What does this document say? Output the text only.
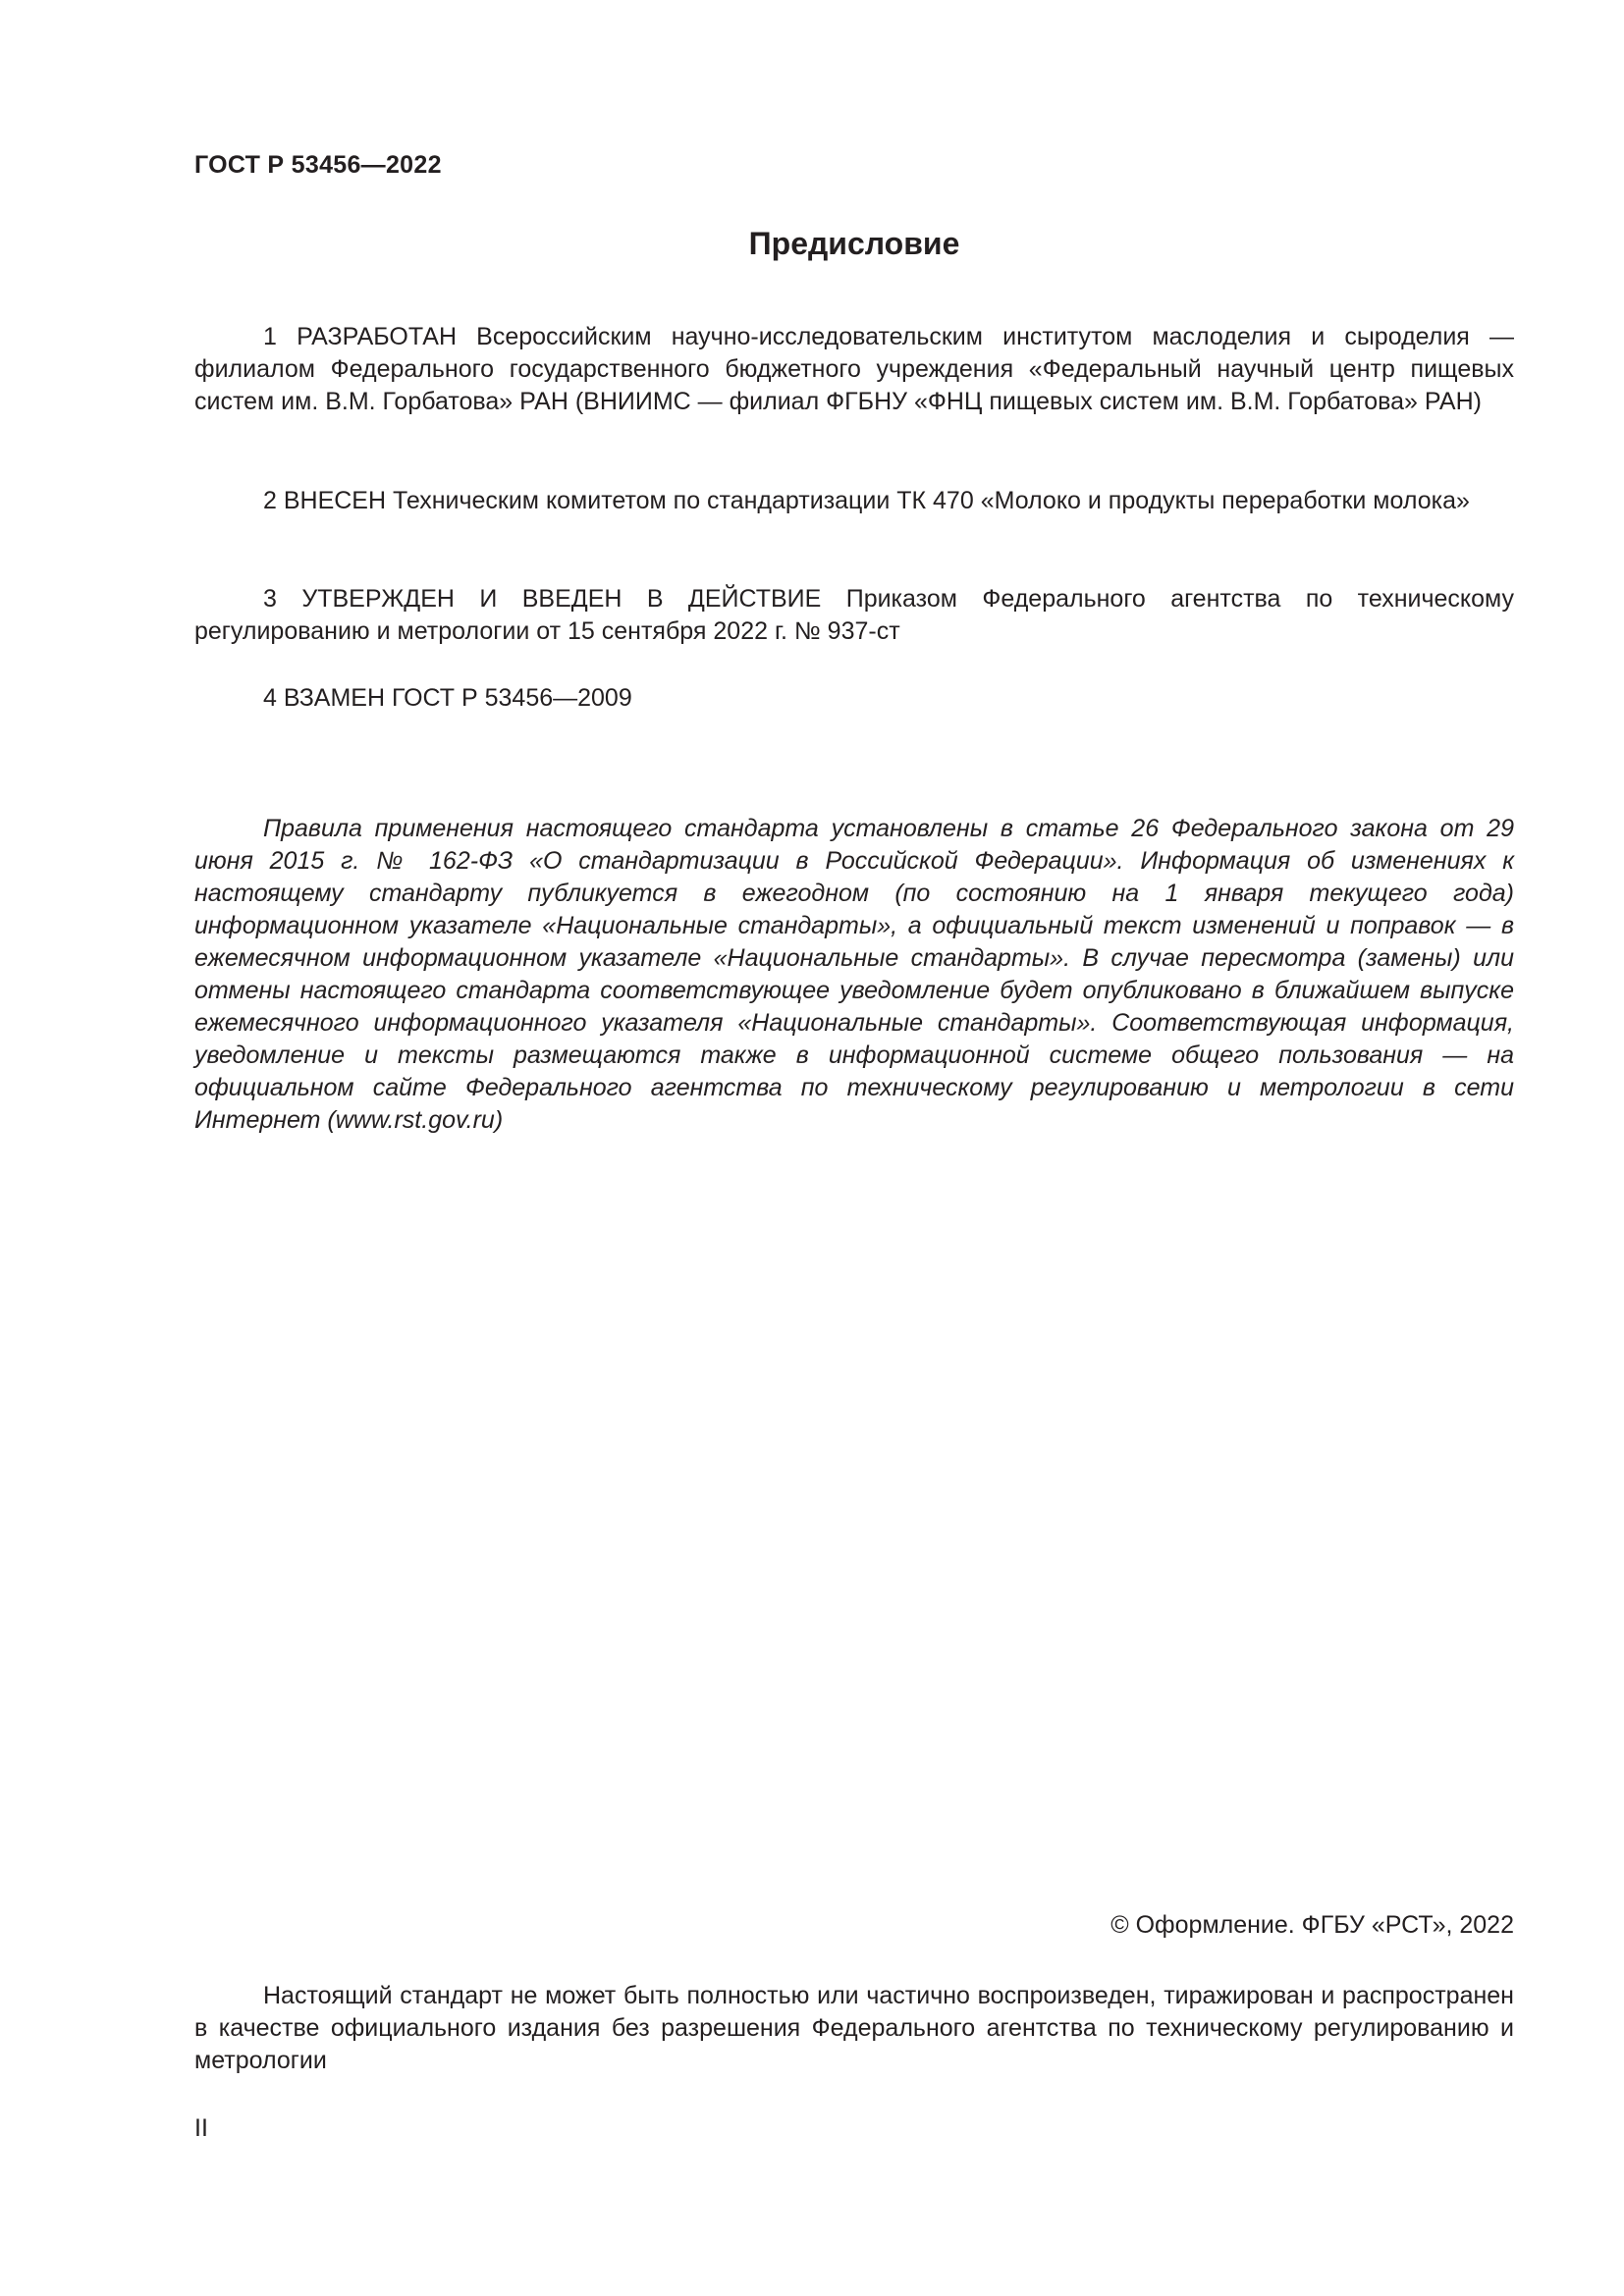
ГОСТ Р 53456—2022
Предисловие

1 РАЗРАБОТАН Всероссийским научно-исследовательским институтом маслоделия и сыроделия — филиалом Федерального государственного бюджетного учреждения «Федеральный научный центр пищевых систем им. В.М. Горбатова» РАН (ВНИИМС — филиал ФГБНУ «ФНЦ пищевых систем им. В.М. Горбатова» РАН)

2 ВНЕСЕН Техническим комитетом по стандартизации ТК 470 «Молоко и продукты переработки молока»

3 УТВЕРЖДЕН И ВВЕДЕН В ДЕЙСТВИЕ Приказом Федерального агентства по техническому регулированию и метрологии от 15 сентября 2022 г. № 937-ст

4 ВЗАМЕН ГОСТ Р 53456—2009

Правила применения настоящего стандарта установлены в статье 26 Федерального закона от 29 июня 2015 г. № 162-ФЗ «О стандартизации в Российской Федерации». Информация об изменениях к настоящему стандарту публикуется в ежегодном (по состоянию на 1 января текущего года) информационном указателе «Национальные стандарты», а официальный текст изменений и поправок — в ежемесячном информационном указателе «Национальные стандарты». В случае пересмотра (замены) или отмены настоящего стандарта соответствующее уведомление будет опубликовано в ближайшем выпуске ежемесячного информационного указателя «Национальные стандарты». Соответствующая информация, уведомление и тексты размещаются также в информационной системе общего пользования — на официальном сайте Федерального агентства по техническому регулированию и метрологии в сети Интернет (www.rst.gov.ru)

© Оформление. ФГБУ «РСТ», 2022

Настоящий стандарт не может быть полностью или частично воспроизведен, тиражирован и распространен в качестве официального издания без разрешения Федерального агентства по техническому регулированию и метрологии

II
